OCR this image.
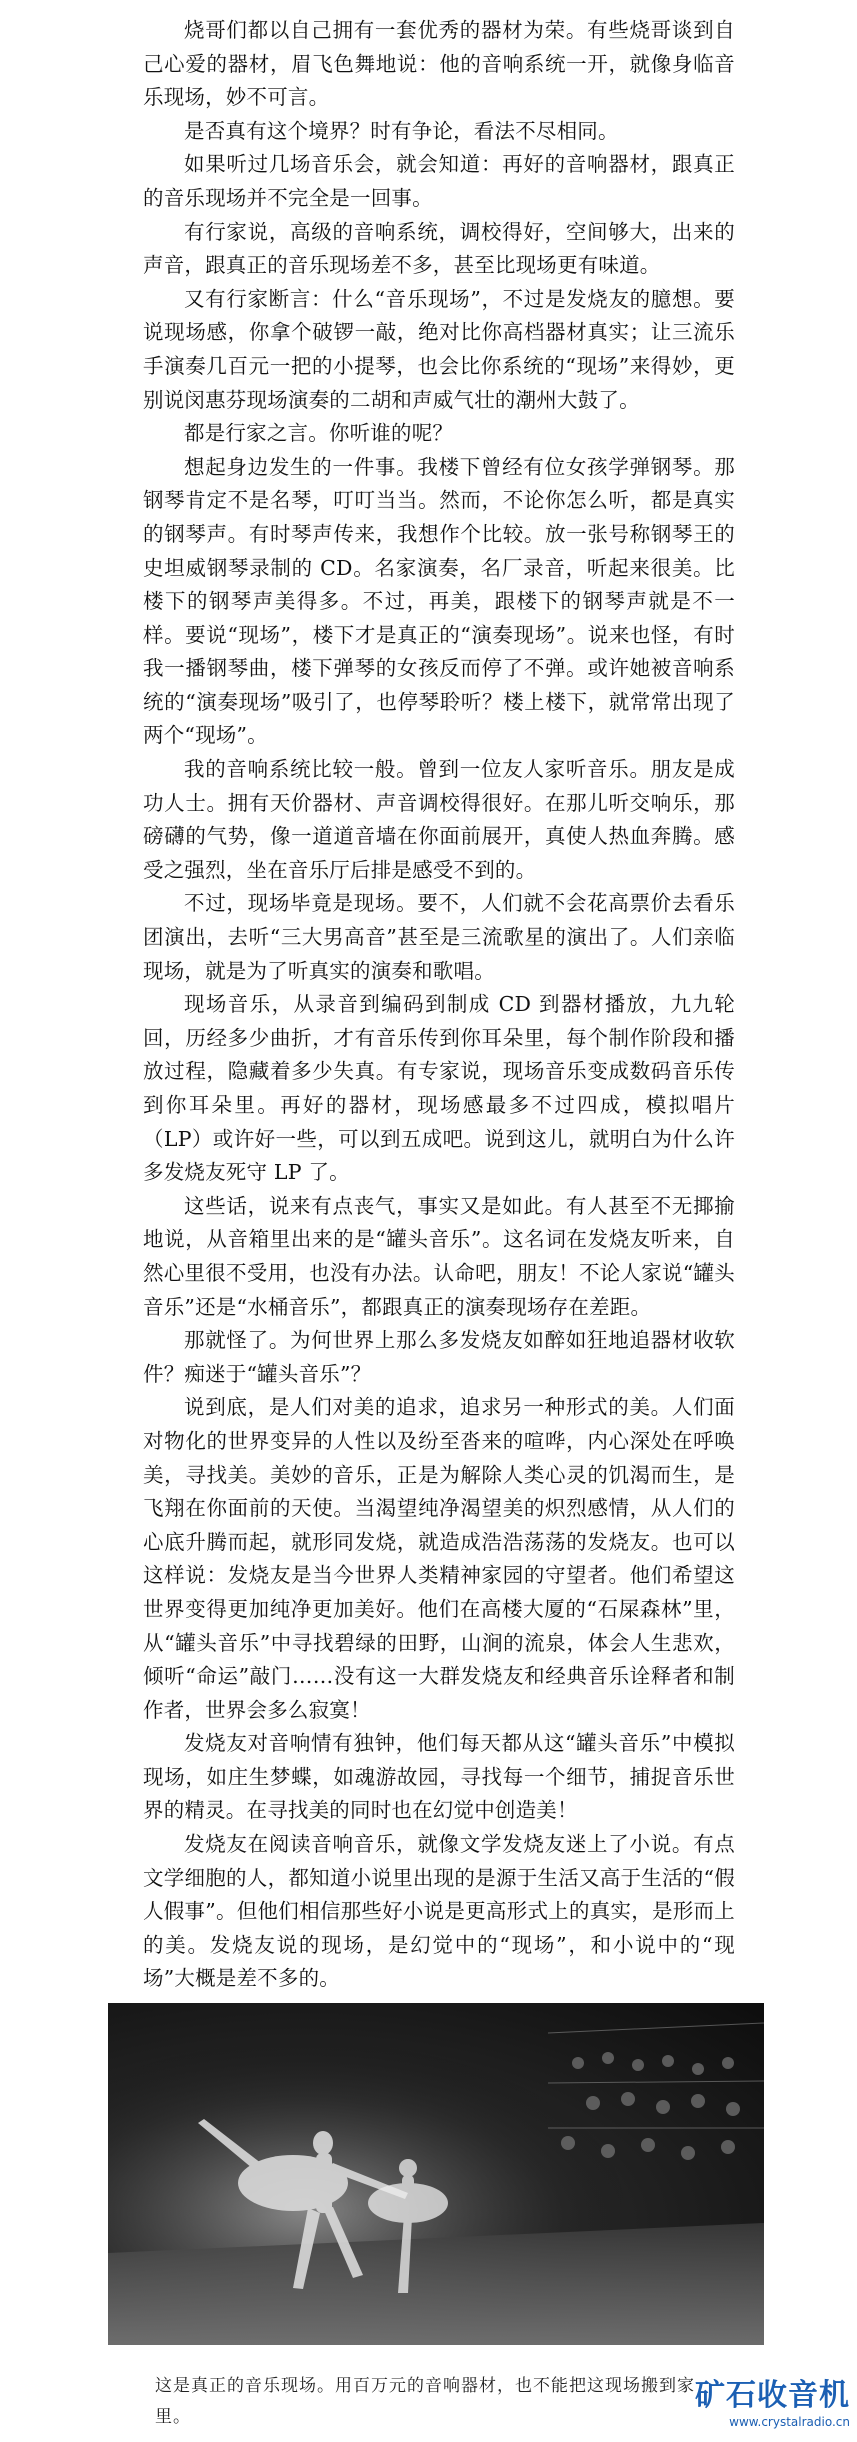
烧哥们都以自己拥有一套优秀的器材为荣。有些烧哥谈到自己心爱的器材，眉飞色舞地说：他的音响系统一开，就像身临音乐现场，妙不可言。

是否真有这个境界？时有争论，看法不尽相同。

如果听过几场音乐会，就会知道：再好的音响器材，跟真正的音乐现场并不完全是一回事。

有行家说，高级的音响系统，调校得好，空间够大，出来的声音，跟真正的音乐现场差不多，甚至比现场更有味道。

又有行家断言：什么“音乐现场”，不过是发烧友的臆想。要说现场感，你拿个破锣一敲，绝对比你高档器材真实；让三流乐手演奏几百元一把的小提琴，也会比你系统的“现场”来得妙，更别说闵惠芬现场演奏的二胡和声威气壮的潮州大鼓了。

都是行家之言。你听谁的呢？

想起身边发生的一件事。我楼下曾经有位女孩学弹钢琴。那钢琴肯定不是名琴，叮叮当当。然而，不论你怎么听，都是真实的钢琴声。有时琴声传来，我想作个比较。放一张号称钢琴王的史坦威钢琴录制的 CD。名家演奏，名厂录音，听起来很美。比楼下的钢琴声美得多。不过，再美，跟楼下的钢琴声就是不一样。要说“现场”，楼下才是真正的“演奏现场”。说来也怪，有时我一播钢琴曲，楼下弹琴的女孩反而停了不弹。或许她被音响系统的“演奏现场”吸引了，也停琴聆听？楼上楼下，就常常出现了两个“现场”。

我的音响系统比较一般。曾到一位友人家听音乐。朋友是成功人士。拥有天价器材、声音调校得很好。在那儿听交响乐，那磅礴的气势，像一道道音墙在你面前展开，真使人热血奔腾。感受之强烈，坐在音乐厅后排是感受不到的。

不过，现场毕竟是现场。要不，人们就不会花高票价去看乐团演出，去听“三大男高音”甚至是三流歌星的演出了。人们亲临现场，就是为了听真实的演奏和歌唱。

现场音乐，从录音到编码到制成 CD 到器材播放，九九轮回，历经多少曲折，才有音乐传到你耳朵里，每个制作阶段和播放过程，隐藏着多少失真。有专家说，现场音乐变成数码音乐传到你耳朵里。再好的器材，现场感最多不过四成，模拟唱片（LP）或许好一些，可以到五成吧。说到这儿，就明白为什么许多发烧友死守 LP 了。

这些话，说来有点丧气，事实又是如此。有人甚至不无揶揄地说，从音箱里出来的是“罐头音乐”。这名词在发烧友听来，自然心里很不受用，也没有办法。认命吧，朋友！不论人家说“罐头音乐”还是“水桶音乐”，都跟真正的演奏现场存在差距。

那就怪了。为何世界上那么多发烧友如醉如狂地追器材收软件？痴迷于“罐头音乐”？

说到底，是人们对美的追求，追求另一种形式的美。人们面对物化的世界变异的人性以及纷至沓来的喧哗，内心深处在呼唤美，寻找美。美妙的音乐，正是为解除人类心灵的饥渴而生，是飞翔在你面前的天使。当渴望纯净渴望美的炽烈感情，从人们的心底升腾而起，就形同发烧，就造成浩浩荡荡的发烧友。也可以这样说：发烧友是当今世界人类精神家园的守望者。他们希望这世界变得更加纯净更加美好。他们在高楼大厦的“石屎森林”里，从“罐头音乐”中寻找碧绿的田野，山涧的流泉，体会人生悲欢，倾听“命运”敲门……没有这一大群发烧友和经典音乐诠释者和制作者，世界会多么寂寞！

发烧友对音响情有独钟，他们每天都从这“罐头音乐”中模拟现场，如庄生梦蝶，如魂游故园，寻找每一个细节，捕捉音乐世界的精灵。在寻找美的同时也在幻觉中创造美！

发烧友在阅读音响音乐，就像文学发烧友迷上了小说。有点文学细胞的人，都知道小说里出现的是源于生活又高于生活的“假人假事”。但他们相信那些好小说是更高形式上的真实，是形而上的美。发烧友说的现场，是幻觉中的“现场”，和小说中的“现场”大概是差不多的。

这是真正的音乐现场。用百万元的音响器材，也不能把这现场搬到家里。

矿石收音机
www.crystalradio.cn
